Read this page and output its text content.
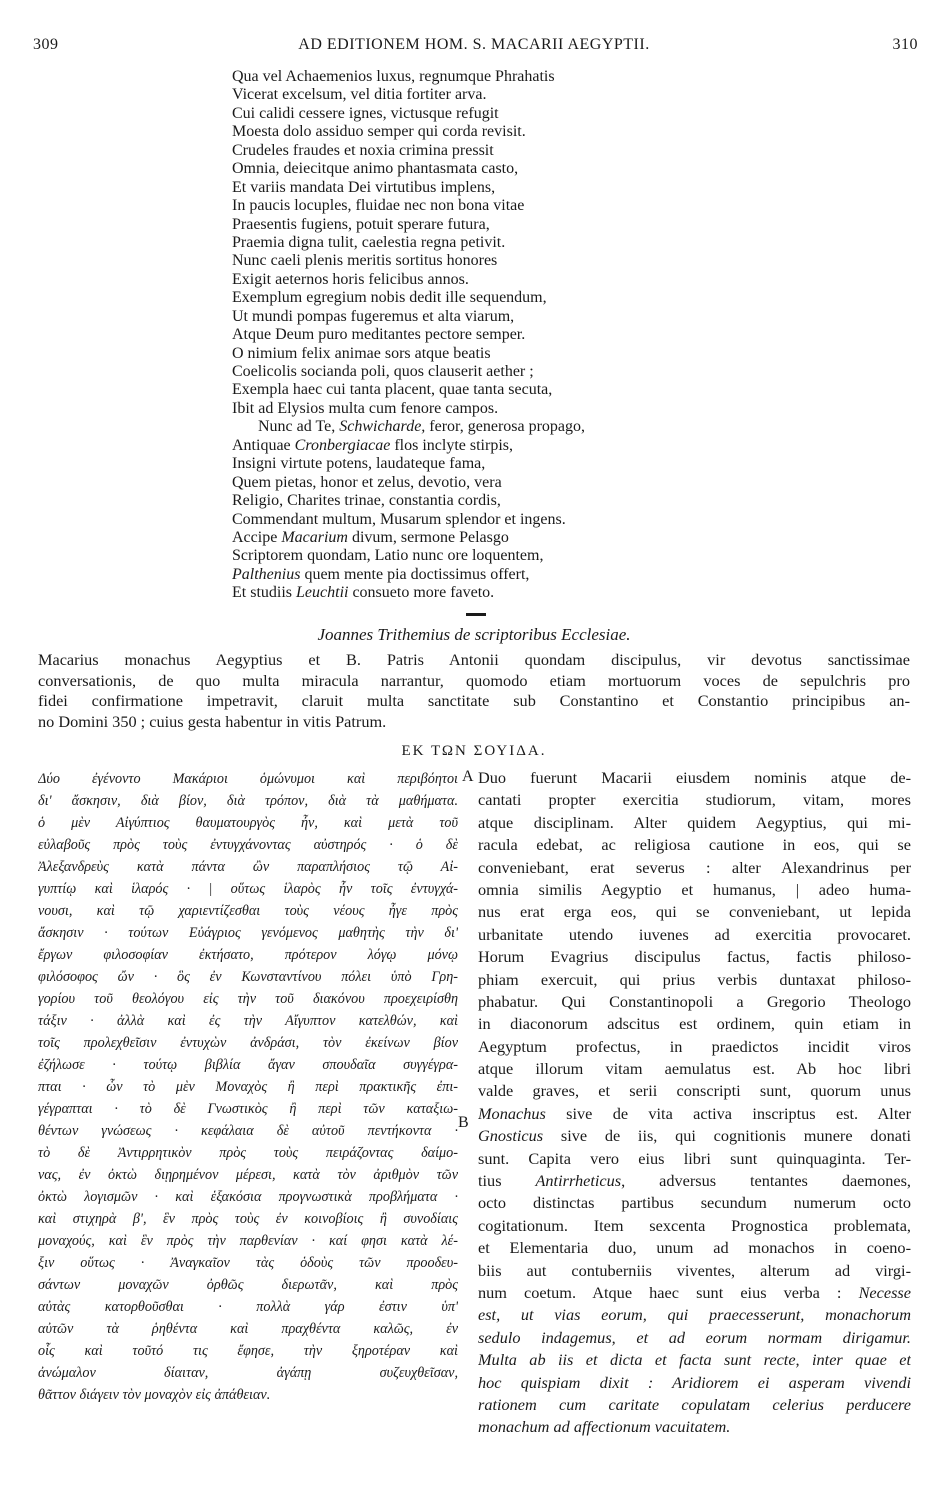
309	AD EDITIONEM HOM. S. MACARII AEGYPTII.	310
Qua vel Achaemenios luxus, regnumque Phrahatis
Vicerat excelsum, vel ditia fortiter arva.
Cui calidi cessere ignes, victusque refugit
Moesta dolo assiduo semper qui corda revisit.
Crudeles fraudes et noxia crimina pressit
Omnia, deiecitque animo phantasmata casto,
Et variis mandata Dei virtutibus implens,
In paucis locuples, fluidae nec non bona vitae
Praesentis fugiens, potuit sperare futura,
Praemia digna tulit, caelestia regna petivit.
Nunc caeli plenis meritis sortitus honores
Exigit aeternos horis felicibus annos.
Exemplum egregium nobis dedit ille sequendum,
Ut mundi pompas fugeremus et alta viarum,
Atque Deum puro meditantes pectore semper.
O nimium felix animae sors atque beatis
Coelicolis socianda poli, quos clauserit aether ;
Exempla haec cui tanta placent, quae tanta secuta,
Ibit ad Elysios multa cum fenore campos.
Nunc ad Te, Schwicharde, feror, generosa propago,
Antiquae Cronbergiacae flos inclyte stirpis,
Insigni virtute potens, laudateque fama,
Quem pietas, honor et zelus, devotio, vera
Religio, Charites trinae, constantia cordis,
Commendant multum, Musarum splendor et ingens.
Accipe Macarium divum, sermone Pelasgo
Scriptorem quondam, Latio nunc ore loquentem,
Palthenius quem mente pia doctissimus offert,
Et studiis Leuchtii consueto more faveto.
Joannes Trithemius de scriptoribus Ecclesiae.
Macarius monachus Aegyptius et B. Patris Antonii quondam discipulus, vir devotus sanctissimae
conversationis, de quo multa miracula narrantur, quomodo etiam mortuorum voces de sepulchris pro
fidei confirmatione impetravit, claruit multa sanctitate sub Constantino et Constantio principibus an-
no Domini 350 ; cuius gesta habentur in vitis Patrum.
ΕΚ ΤΩΝ ΣΟΥΙΔΑ.
Δύο ἐγένοντο Μακάριοι ὁμώνυμοι καὶ περιβόητοι
δι' ἄσκησιν, διὰ βίον, διὰ τρόπον, διὰ τὰ μαθήματα.
ὁ μὲν Αἰγύπτιος θαυματουργὸς ἦν, καὶ μετὰ τοῦ
εὐλαβοῦς πρὸς τοὺς ἐντυγχάνοντας αὐστηρός · ὁ δὲ
Ἀλεξανδρεὺς κατὰ πάντα ὢν παραπλήσιος τῷ Αἰ-
γυπτίῳ καὶ ἱλαρός · | οὕτως ἱλαρὸς ἦν τοῖς ἐντυγχά-
νουσι, καὶ τῷ χαριεντίζεσθαι τοὺς νέους ἦγε πρὸς
ἄσκησιν · τούτων Εὐάγριος γενόμενος μαθητὴς τὴν δι'
ἔργων φιλοσοφίαν ἐκτήσατο, πρότερον λόγῳ μόνῳ
φιλόσοφος ὤν · ὃς ἐν Κωνσταντίνου πόλει ὑπὸ Γρη-
γορίου τοῦ θεολόγου εἰς τὴν τοῦ διακόνου προεχειρίσθη
τάξιν · ἀλλὰ καὶ ἐς τὴν Αἴγυπτον κατελθών, καὶ
τοῖς προλεχθεῖσιν ἐντυχὼν ἀνδράσι, τὸν ἐκείνων βίον
ἐζήλωσε · τούτῳ βιβλία ἄγαν σπουδαῖα συγγέγρα-
πται · ὧν τὸ μὲν Μοναχὸς ἢ περὶ πρακτικῆς ἐπι-
γέγραπται · τὸ δὲ Γνωστικὸς ἢ περὶ τῶν καταξιω-
θέντων γνώσεως · κεφάλαια δὲ αὐτοῦ πεντήκοντα ·
τὸ δὲ Ἀντιρρητικὸν πρὸς τοὺς πειράζοντας δαίμο-
νας, ἐν ὀκτὼ διῃρημένον μέρεσι, κατὰ τὸν ἀριθμὸν τῶν
ὀκτὼ λογισμῶν · καὶ ἑξακόσια προγνωστικὰ προβλήματα ·
καὶ στιχηρὰ β', ἓν πρὸς τοὺς ἐν κοινοβίοις ἢ συνοδίαις
μοναχούς, καὶ ἓν πρὸς τὴν παρθενίαν · καί φησι κατὰ λέ-
ξιν οὕτως · Ἀναγκαῖον τὰς ὁδοὺς τῶν προοδευ-
σάντων μοναχῶν ὀρθῶς διερωτᾶν, καὶ πρὸς
αὐτὰς κατορθοῦσθαι · πολλὰ γάρ ἐστιν ὑπ'
αὐτῶν τὰ ῥηθέντα καὶ πραχθέντα καλῶς, ἐν
οἷς καὶ τοῦτό τις ἔφησε, τὴν ξηροτέραν καὶ
ἀνώμαλον δίαιταν, ἀγάπῃ συζευχθεῖσαν,
θᾶττον διάγειν τὸν μοναχὸν εἰς ἀπάθειαν.
A
B
Duo fuerunt Macarii eiusdem nominis atque de-
cantati propter exercitia studiorum, vitam, mores
atque disciplinam. Alter quidem Aegyptius, qui mi-
racula edebat, ac religiosa cautione in eos, qui se
conveniebant, erat severus : alter Alexandrinus per
omnia similis Aegyptio et humanus, | adeo huma-
nus erat erga eos, qui se conveniebant, ut lepida
urbanitate utendo iuvenes ad exercitia provocaret.
Horum Evagrius discipulus factus, factis philoso-
phiam exercuit, qui prius verbis duntaxat philoso-
phabatur. Qui Constantinopoli a Gregorio Theologo
in diaconorum adscitus est ordinem, quin etiam in
Aegyptum profectus, in praedictos incidit viros
atque illorum vitam aemulatus est. Ab hoc libri
valde graves, et serii conscripti sunt, quorum unus
Monachus sive de vita activa inscriptus est. Alter
Gnosticus sive de iis, qui cognitionis munere donati
sunt. Capita vero eius libri sunt quinquaginta. Ter-
tius Antirrheticus, adversus tentantes daemones,
octo distinctas partibus secundum numerum octo
cogitationum. Item sexcenta Prognostica problemata,
et Elementaria duo, unum ad monachos in coeno-
biis aut contuberniis viventes, alterum ad virgi-
num coetum. Atque haec sunt eius verba : Necesse
est, ut vias eorum, qui praecesserunt, monachorum
sedulo indagemus, et ad eorum normam dirigamur.
Multa ab iis et dicta et facta sunt recte, inter quae et
hoc quispiam dixit : Aridiorem ei asperam vivendi
rationem cum caritate copulatam celerius perducere
monachum ad affectionum vacuitatem.
